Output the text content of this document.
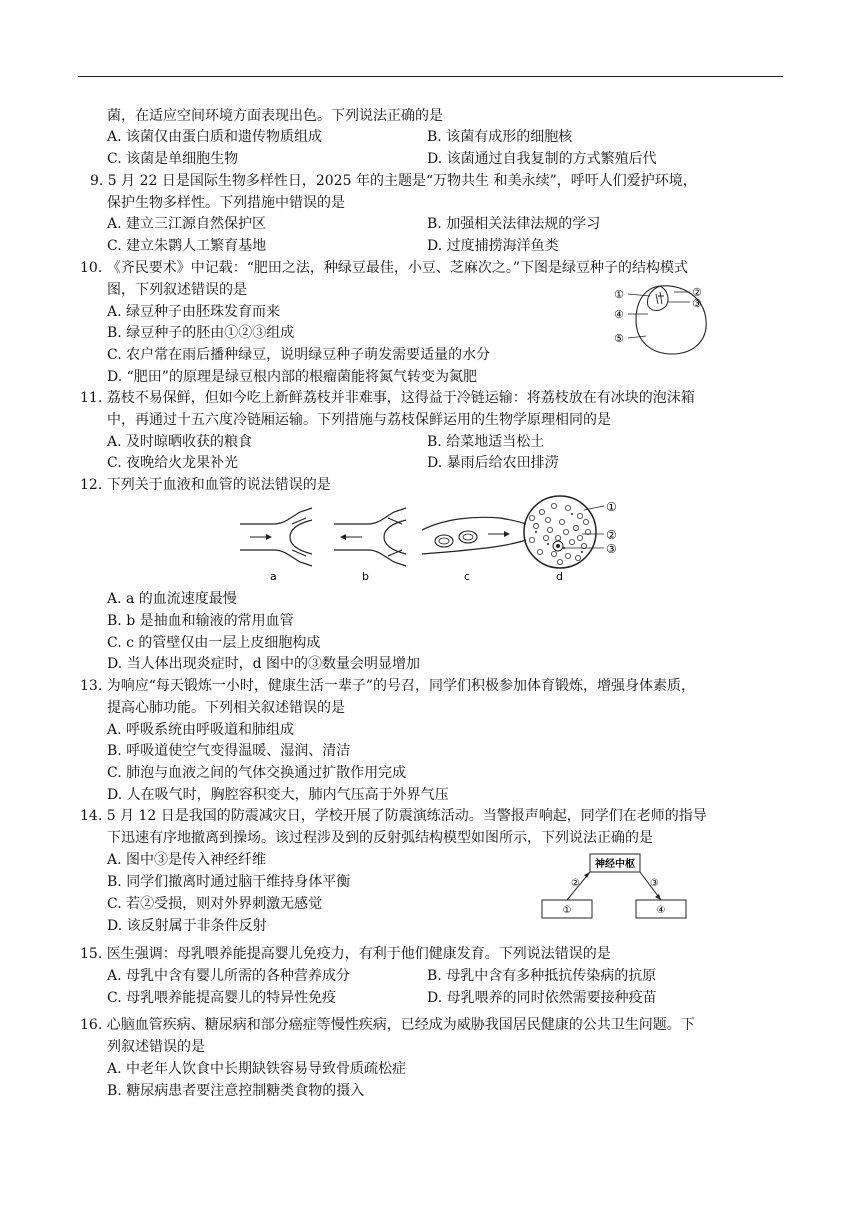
菌，在适应空间环境方面表现出色。下列说法正确的是
A. 该菌仅由蛋白质和遗传物质组成	B. 该菌有成形的细胞核
C. 该菌是单细胞生物	D. 该菌通过自我复制的方式繁殖后代
9. 5 月 22 日是国际生物多样性日，2025 年的主题是“万物共生 和美永续”，呼吁人们爱护环境，
保护生物多样性。下列措施中错误的是
A. 建立三江源自然保护区	B. 加强相关法律法规的学习
C. 建立朱鹮人工繁育基地	D. 过度捕捞海洋鱼类
10. 《齐民要术》中记载：“肥田之法，种绿豆最佳，小豆、芝麻次之。”下图是绿豆种子的结构模式
图，下列叙述错误的是
A. 绿豆种子由胚珠发育而来
B. 绿豆种子的胚由①②③组成
C. 农户常在雨后播种绿豆，说明绿豆种子萌发需要适量的水分
D. “肥田”的原理是绿豆根内部的根瘤菌能将氮气转变为氮肥
①	②
③
④
⑤
11. 荔枝不易保鲜，但如今吃上新鲜荔枝并非难事，这得益于冷链运输：将荔枝放在有冰块的泡沫箱
中，再通过十五六度冷链厢运输。下列措施与荔枝保鲜运用的生物学原理相同的是
A. 及时晾晒收获的粮食	B. 给菜地适当松土
C. 夜晚给火龙果补光	D. 暴雨后给农田排涝
12. 下列关于血液和血管的说法错误的是
①
②
③
a	b	c	d
A. a 的血流速度最慢
B. b 是抽血和输液的常用血管
C. c 的管壁仅由一层上皮细胞构成
D. 当人体出现炎症时，d 图中的③数量会明显增加
13. 为响应“每天锻炼一小时，健康生活一辈子”的号召，同学们积极参加体育锻炼，增强身体素质，
提高心肺功能。下列相关叙述错误的是
A. 呼吸系统由呼吸道和肺组成
B. 呼吸道使空气变得温暖、湿润、清洁
C. 肺泡与血液之间的气体交换通过扩散作用完成
D. 人在吸气时，胸腔容积变大，肺内气压高于外界气压
14. 5 月 12 日是我国的防震减灾日，学校开展了防震演练活动。当警报声响起，同学们在老师的指导
下迅速有序地撤离到操场。该过程涉及到的反射弧结构模型如图所示，下列说法正确的是
A. 图中③是传入神经纤维
B. 同学们撤离时通过脑干维持身体平衡
C. 若②受损，则对外界刺激无感觉
D. 该反射属于非条件反射
神经中枢
①
②	③
④
15. 医生强调：母乳喂养能提高婴儿免疫力，有利于他们健康发育。下列说法错误的是
A. 母乳中含有婴儿所需的各种营养成分	B. 母乳中含有多种抵抗传染病的抗原
C. 母乳喂养能提高婴儿的特异性免疫	D. 母乳喂养的同时依然需要接种疫苗
16. 心脑血管疾病、糖尿病和部分癌症等慢性疾病，已经成为威胁我国居民健康的公共卫生问题。下
列叙述错误的是
A. 中老年人饮食中长期缺铁容易导致骨质疏松症
B. 糖尿病患者要注意控制糖类食物的摄入
